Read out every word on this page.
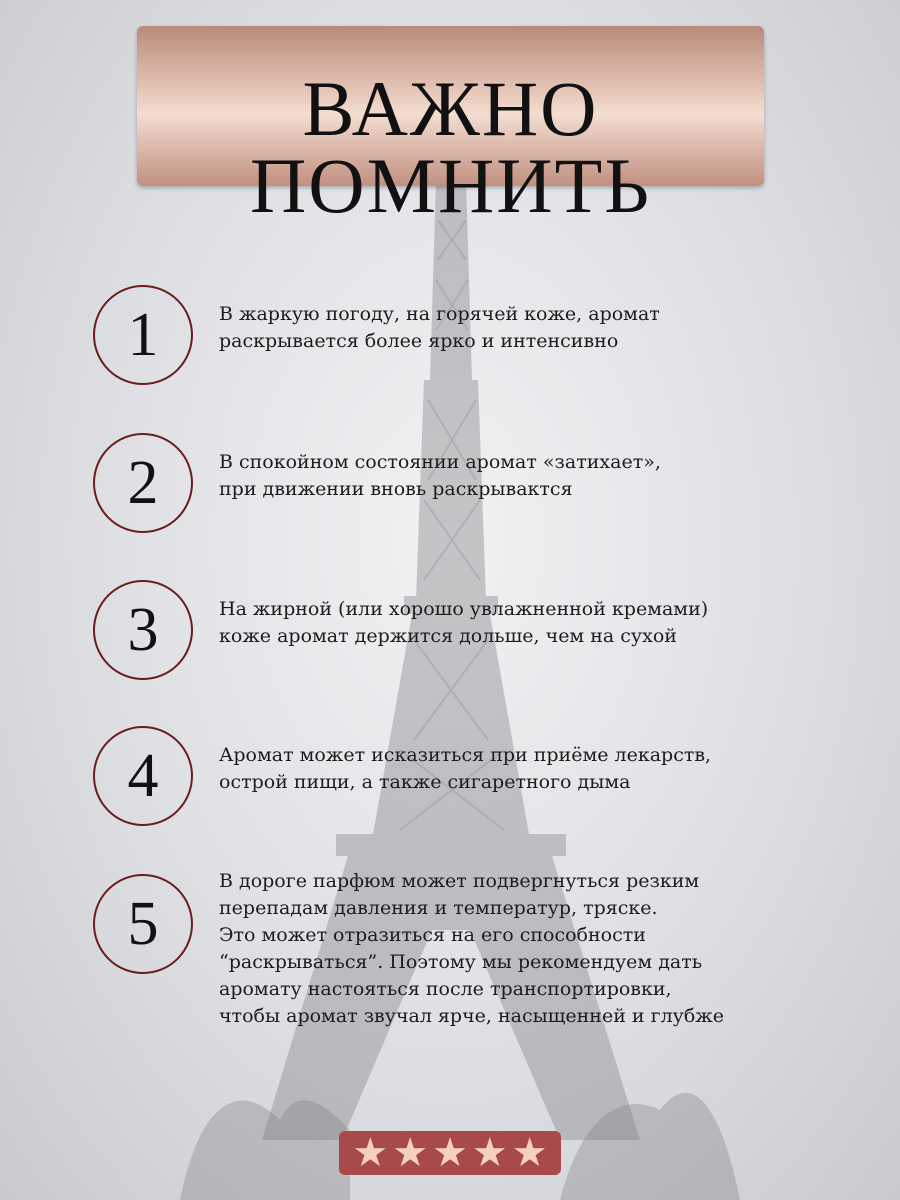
ВАЖНО
ПОМНИТЬ
1	В жаркую погоду, на горячей коже, аромат
раскрывается более ярко и интенсивно
2	В спокойном состоянии аромат «затихает»,
при движении вновь раскрывактся
3	На жирной (или хорошо увлажненной кремами)
коже аромат держится дольше, чем на сухой
4	Аромат может исказиться при приёме лекарств,
острой пищи, а также сигаретного дыма
5
В дороге парфюм может подвергнуться резким
перепадам давления и температур, тряске.
Это может отразиться на его способности
“раскрываться”. Поэтому мы рекомендуем дать
аромату настояться после транспортировки,
чтобы аромат звучал ярче, насыщенней и глубже
★ ★ ★ ★ ★
